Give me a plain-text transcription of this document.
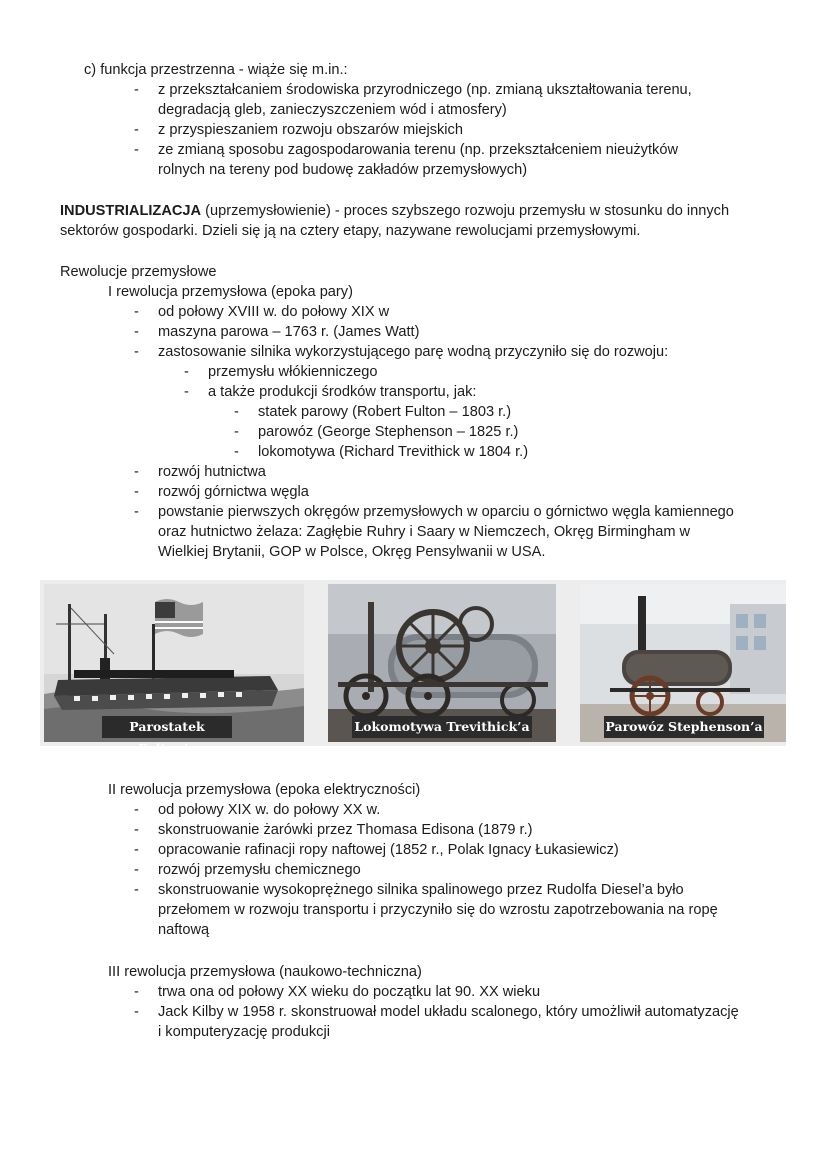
c) funkcja przestrzenna - wiąże się m.in.:
- z przekształcaniem środowiska przyrodniczego (np. zmianą ukształtowania terenu,
degradacją gleb, zanieczyszczeniem wód i atmosfery)
- z przyspieszaniem rozwoju obszarów miejskich
- ze zmianą sposobu zagospodarowania terenu (np. przekształceniem nieużytków
rolnych na tereny pod budowę zakładów przemysłowych)
INDUSTRIALIZACJA (uprzemysłowienie) - proces szybszego rozwoju przemysłu w stosunku do innych
sektorów gospodarki. Dzieli się ją na cztery etapy, nazywane rewolucjami przemysłowymi.
Rewolucje przemysłowe
I rewolucja przemysłowa (epoka pary)
- od połowy XVIII w. do połowy XIX w
- maszyna parowa – 1763 r. (James Watt)
- zastosowanie silnika wykorzystującego parę wodną przyczyniło się do rozwoju:
- przemysłu włókienniczego
- a także produkcji środków transportu, jak:
- statek parowy (Robert Fulton – 1803 r.)
- parowóz (George Stephenson – 1825 r.)
- lokomotywa (Richard Trevithick w 1804 r.)
- rozwój hutnictwa
- rozwój górnictwa węgla
- powstanie pierwszych okręgów przemysłowych w oparciu o górnictwo węgla kamiennego
oraz hutnictwo żelaza: Zagłębie Ruhry i Saary w Niemczech, Okręg Birmingham w
Wielkiej Brytanii, GOP w Polsce, Okręg Pensylwanii w USA.
Parostatek Fulton’a
Lokomotywa Trevithick’a	Parowóz Stephenson’a
II rewolucja przemysłowa (epoka elektryczności)
- od połowy XIX w. do połowy XX w.
- skonstruowanie żarówki przez Thomasa Edisona (1879 r.)
- opracowanie rafinacji ropy naftowej (1852 r., Polak Ignacy Łukasiewicz)
- rozwój przemysłu chemicznego
- skonstruowanie wysokoprężnego silnika spalinowego przez Rudolfa Diesel’a było
przełomem w rozwoju transportu i przyczyniło się do wzrostu zapotrzebowania na ropę
naftową
III rewolucja przemysłowa (naukowo-techniczna)
- trwa ona od połowy XX wieku do początku lat 90. XX wieku
- Jack Kilby w 1958 r. skonstruował model układu scalonego, który umożliwił automatyzację
i komputeryzację produkcji
